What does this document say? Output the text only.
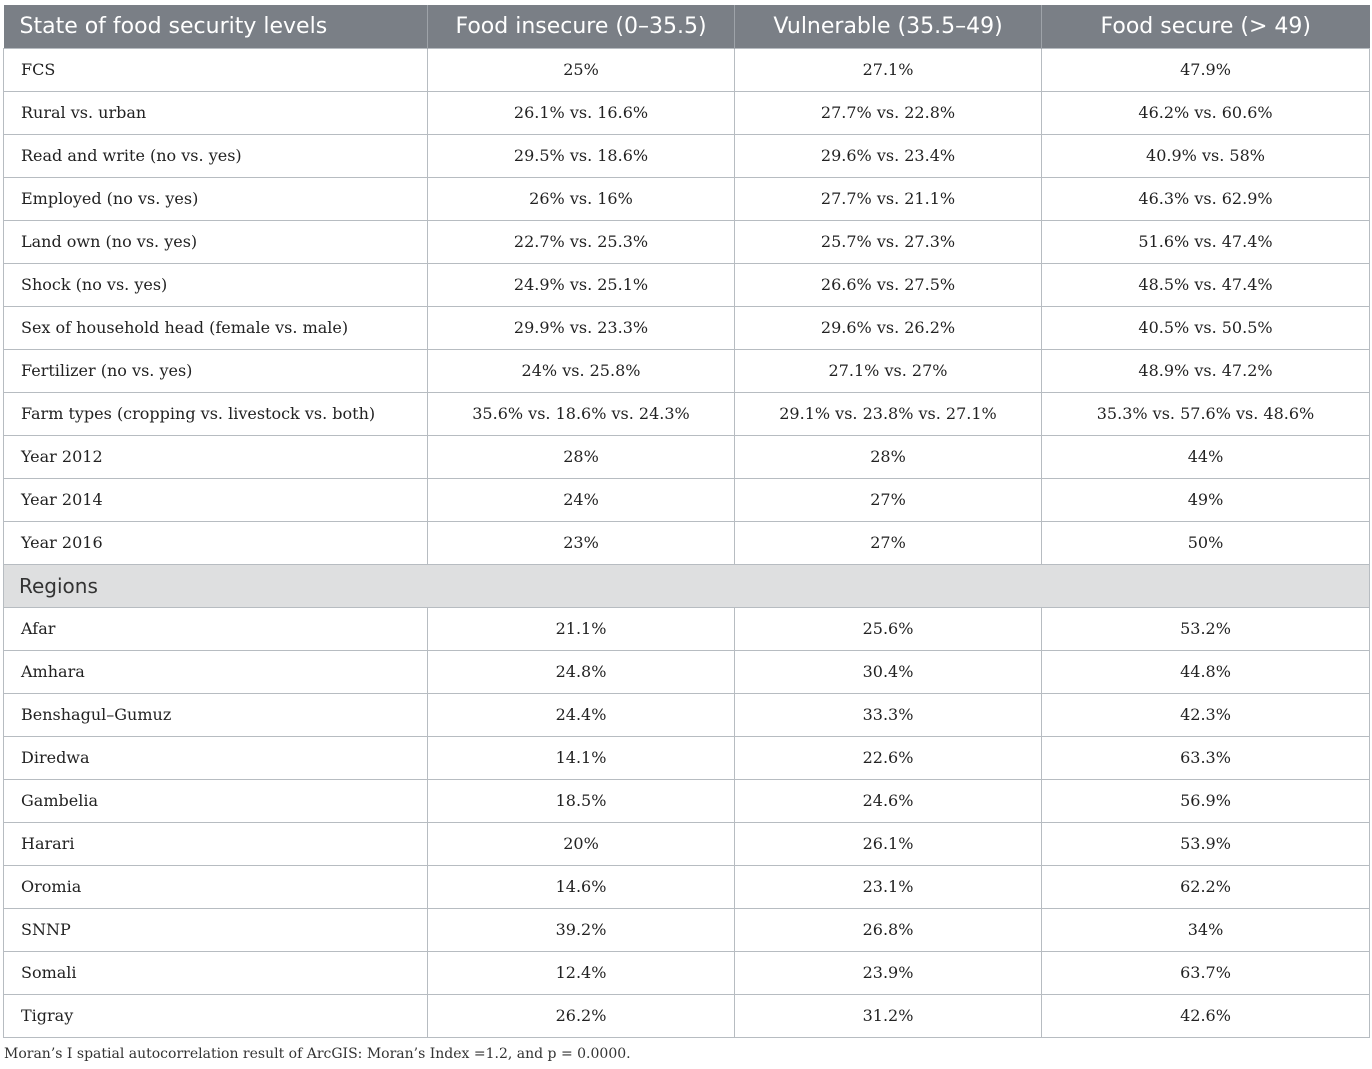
State of food security levels	Food insecure (0–35.5)	Vulnerable (35.5–49)	Food secure (> 49)
FCS	25%	27.1%	47.9%
Rural vs. urban	26.1% vs. 16.6%	27.7% vs. 22.8%	46.2% vs. 60.6%
Read and write (no vs. yes)	29.5% vs. 18.6%	29.6% vs. 23.4%	40.9% vs. 58%
Employed (no vs. yes)	26% vs. 16%	27.7% vs. 21.1%	46.3% vs. 62.9%
Land own (no vs. yes)	22.7% vs. 25.3%	25.7% vs. 27.3%	51.6% vs. 47.4%
Shock (no vs. yes)	24.9% vs. 25.1%	26.6% vs. 27.5%	48.5% vs. 47.4%
Sex of household head (female vs. male)	29.9% vs. 23.3%	29.6% vs. 26.2%	40.5% vs. 50.5%
Fertilizer (no vs. yes)	24% vs. 25.8%	27.1% vs. 27%	48.9% vs. 47.2%
Farm types (cropping vs. livestock vs. both)	35.6% vs. 18.6% vs. 24.3%	29.1% vs. 23.8% vs. 27.1%	35.3% vs. 57.6% vs. 48.6%
Year 2012	28%	28%	44%
Year 2014	24%	27%	49%
Year 2016	23%	27%	50%
Regions			
Afar	21.1%	25.6%	53.2%
Amhara	24.8%	30.4%	44.8%
Benshagul–Gumuz	24.4%	33.3%	42.3%
Diredwa	14.1%	22.6%	63.3%
Gambelia	18.5%	24.6%	56.9%
Harari	20%	26.1%	53.9%
Oromia	14.6%	23.1%	62.2%
SNNP	39.2%	26.8%	34%
Somali	12.4%	23.9%	63.7%
Tigray	26.2%	31.2%	42.6%
Moran’s I spatial autocorrelation result of ArcGIS: Moran’s Index =1.2, and p = 0.0000.
